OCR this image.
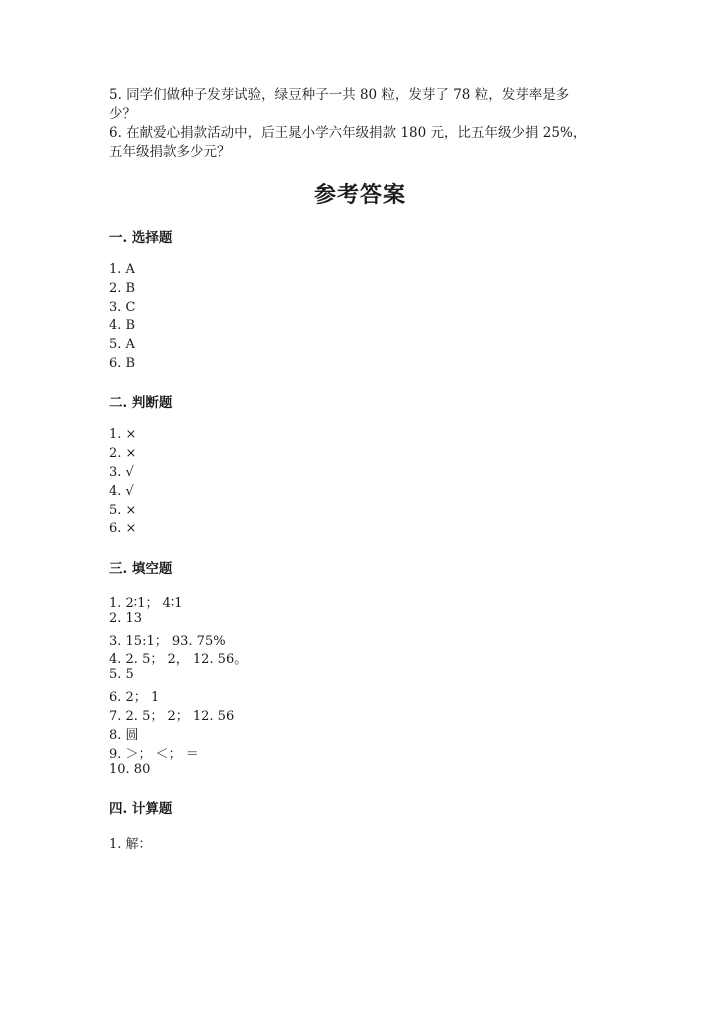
5. 同学们做种子发芽试验，绿豆种子一共 80 粒，发芽了 78 粒，发芽率是多
少？
6. 在献爱心捐款活动中，后王晁小学六年级捐款 180 元，比五年级少捐 25%，
五年级捐款多少元？
参考答案
一. 选择题
1. A
2. B
3. C
4. B
5. A
6. B
二. 判断题
1. ×
2. ×
3. √
4. √
5. ×
6. ×
三. 填空题
1. 2∶1； 4∶1
2. 13
3. 15:1； 93. 75%
4. 2. 5； 2， 12. 56。
5. 5
6. 2； 1
7. 2. 5； 2； 12. 56
8. 圆
9. ＞； ＜； ＝
10. 80
四. 计算题
1. 解：
